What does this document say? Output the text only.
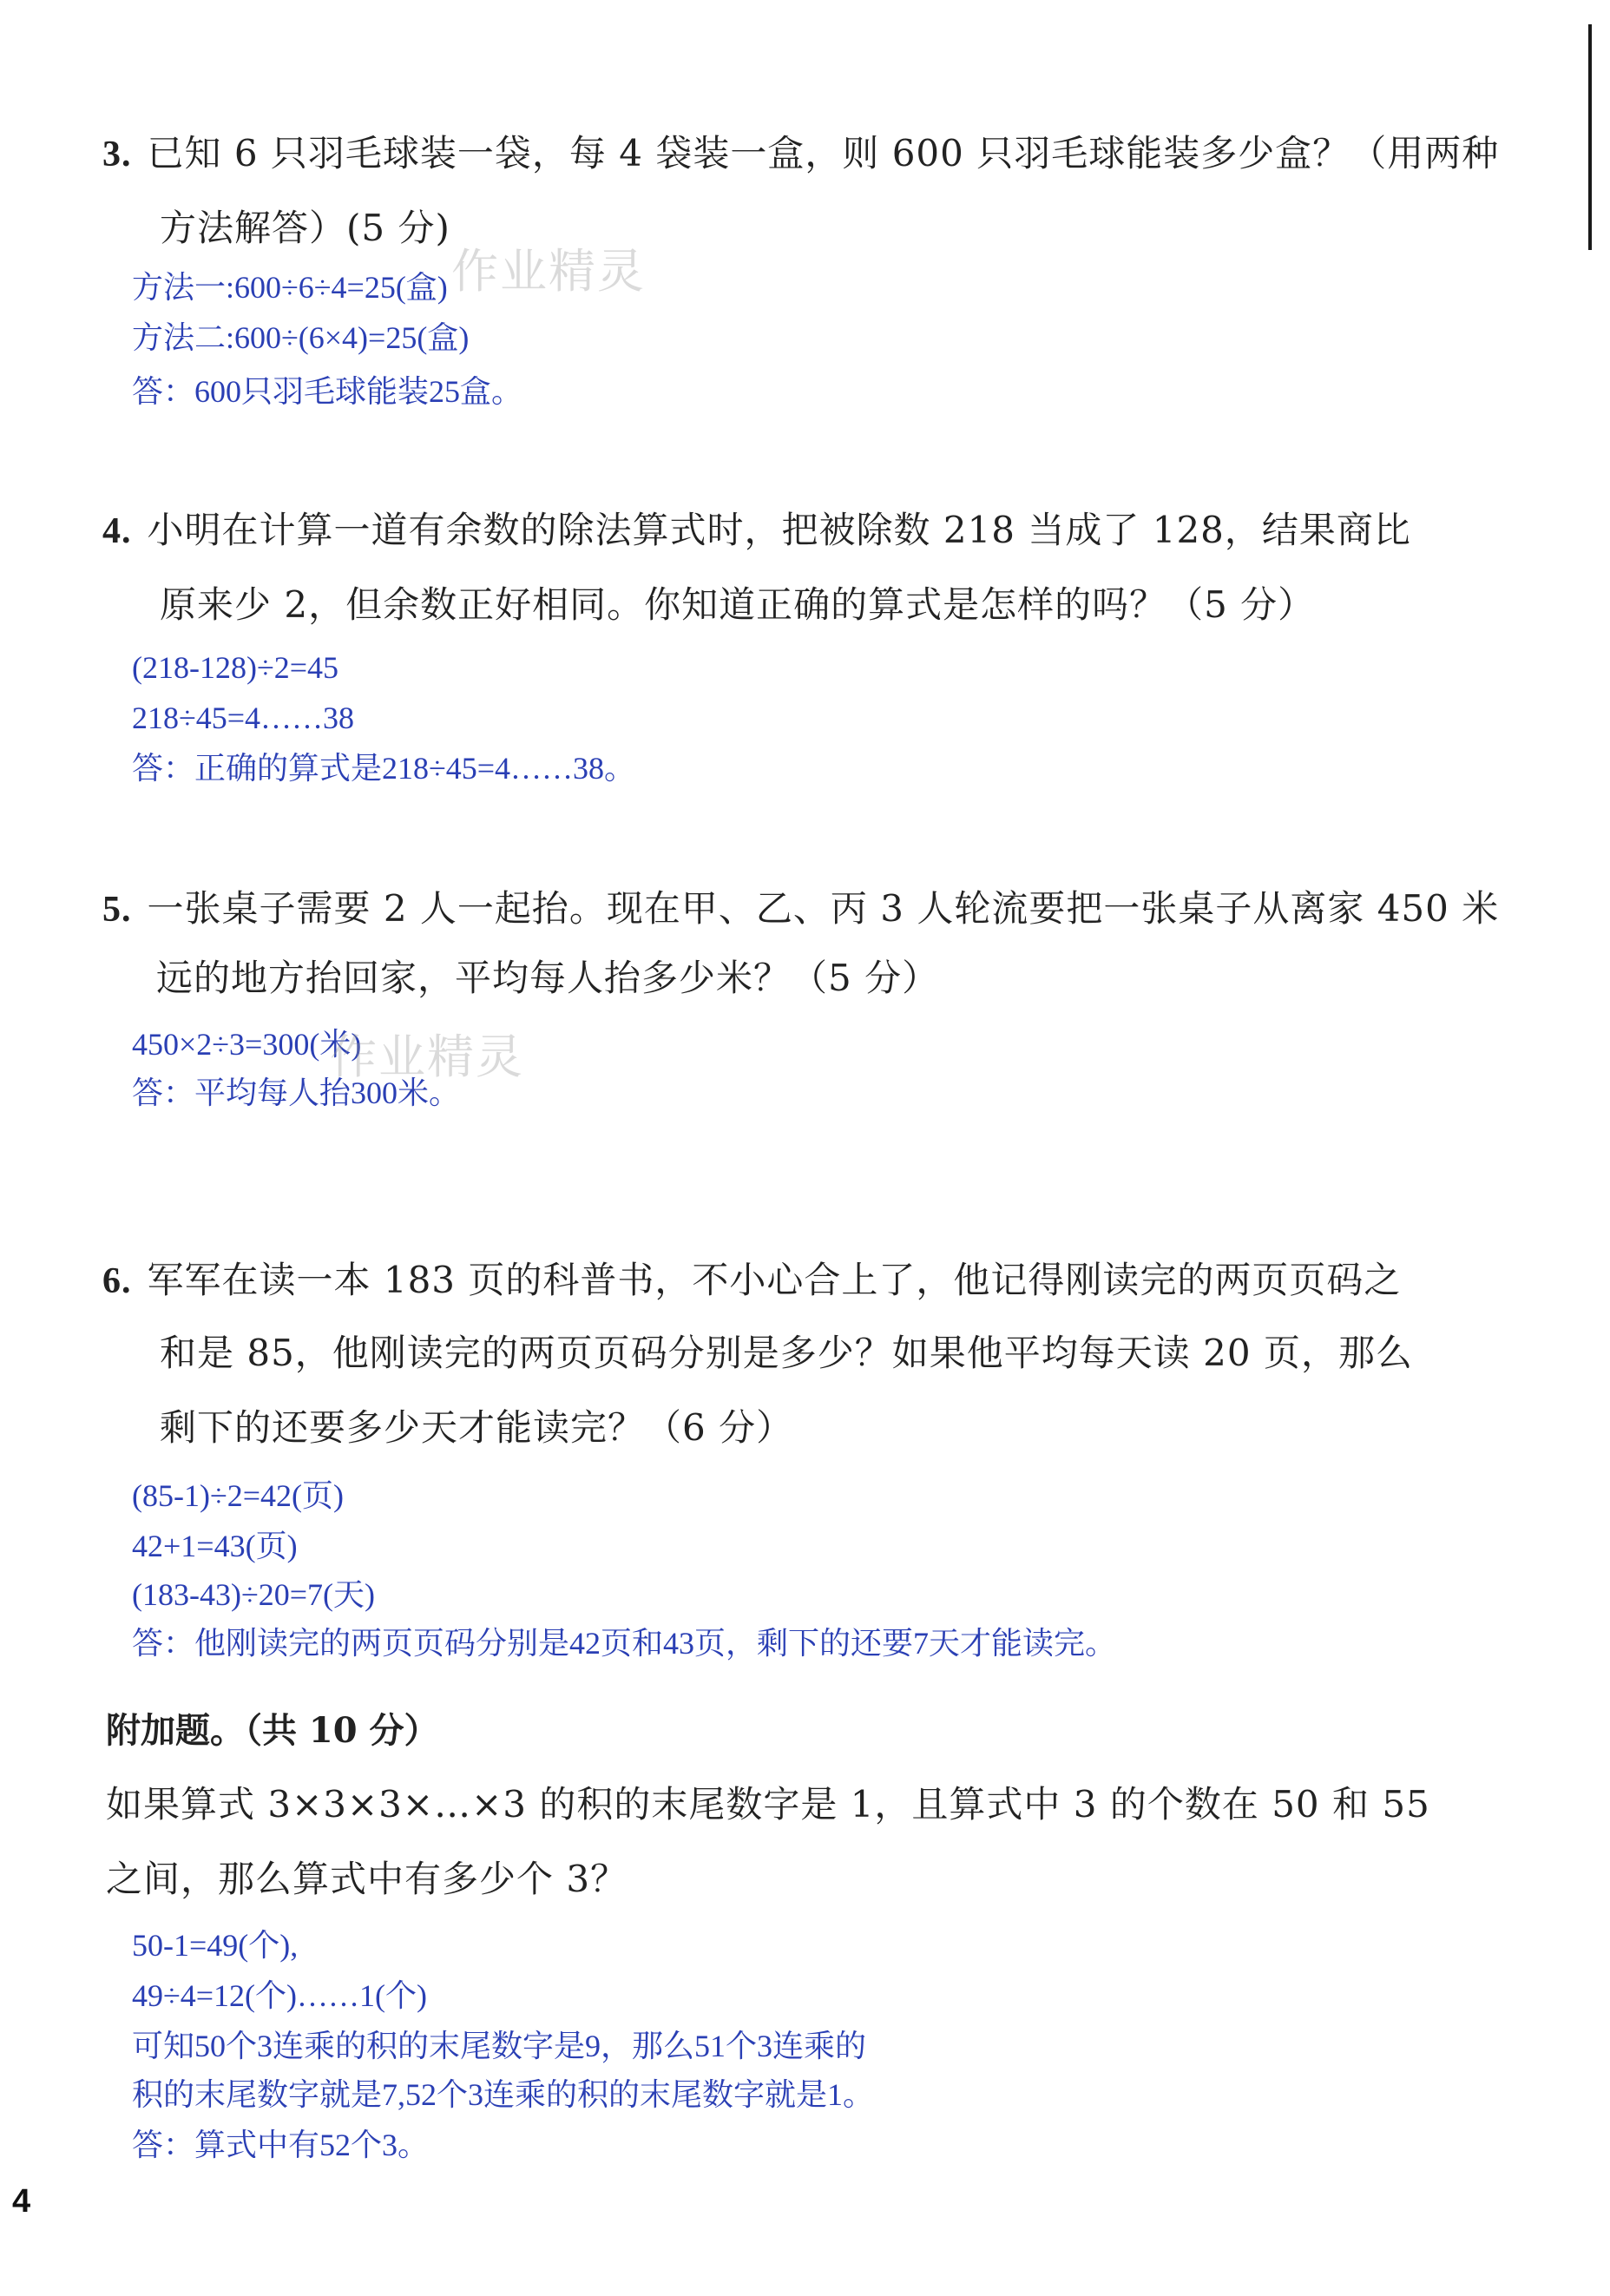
3. 已知 6 只羽毛球装一袋，每 4 袋装一盒，则 600 只羽毛球能装多少盒？（用两种
方法解答）(5 分)
方法一:600÷6÷4=25(盒)
方法二:600÷(6×4)=25(盒)
答：600只羽毛球能装25盒。
作业精灵
4. 小明在计算一道有余数的除法算式时，把被除数 218 当成了 128，结果商比
原来少 2，但余数正好相同。你知道正确的算式是怎样的吗？（5 分）
(218-128)÷2=45
218÷45=4……38
答：正确的算式是218÷45=4……38。
5. 一张桌子需要 2 人一起抬。现在甲、乙、丙 3 人轮流要把一张桌子从离家 450 米
远的地方抬回家，平均每人抬多少米？（5 分）
450×2÷3=300(米)
答：平均每人抬300米。
作业精灵
6. 军军在读一本 183 页的科普书，不小心合上了，他记得刚读完的两页页码之
和是 85，他刚读完的两页页码分别是多少？如果他平均每天读 20 页，那么
剩下的还要多少天才能读完？（6 分）
(85-1)÷2=42(页)
42+1=43(页)
(183-43)÷20=7(天)
答：他刚读完的两页页码分别是42页和43页，剩下的还要7天才能读完。
附加题。（共 10 分）
如果算式 3×3×3×…×3 的积的末尾数字是 1，且算式中 3 的个数在 50 和 55
之间，那么算式中有多少个 3？
50-1=49(个),
49÷4=12(个)……1(个)
可知50个3连乘的积的末尾数字是9，那么51个3连乘的
积的末尾数字就是7,52个3连乘的积的末尾数字就是1。
答：算式中有52个3。
4
